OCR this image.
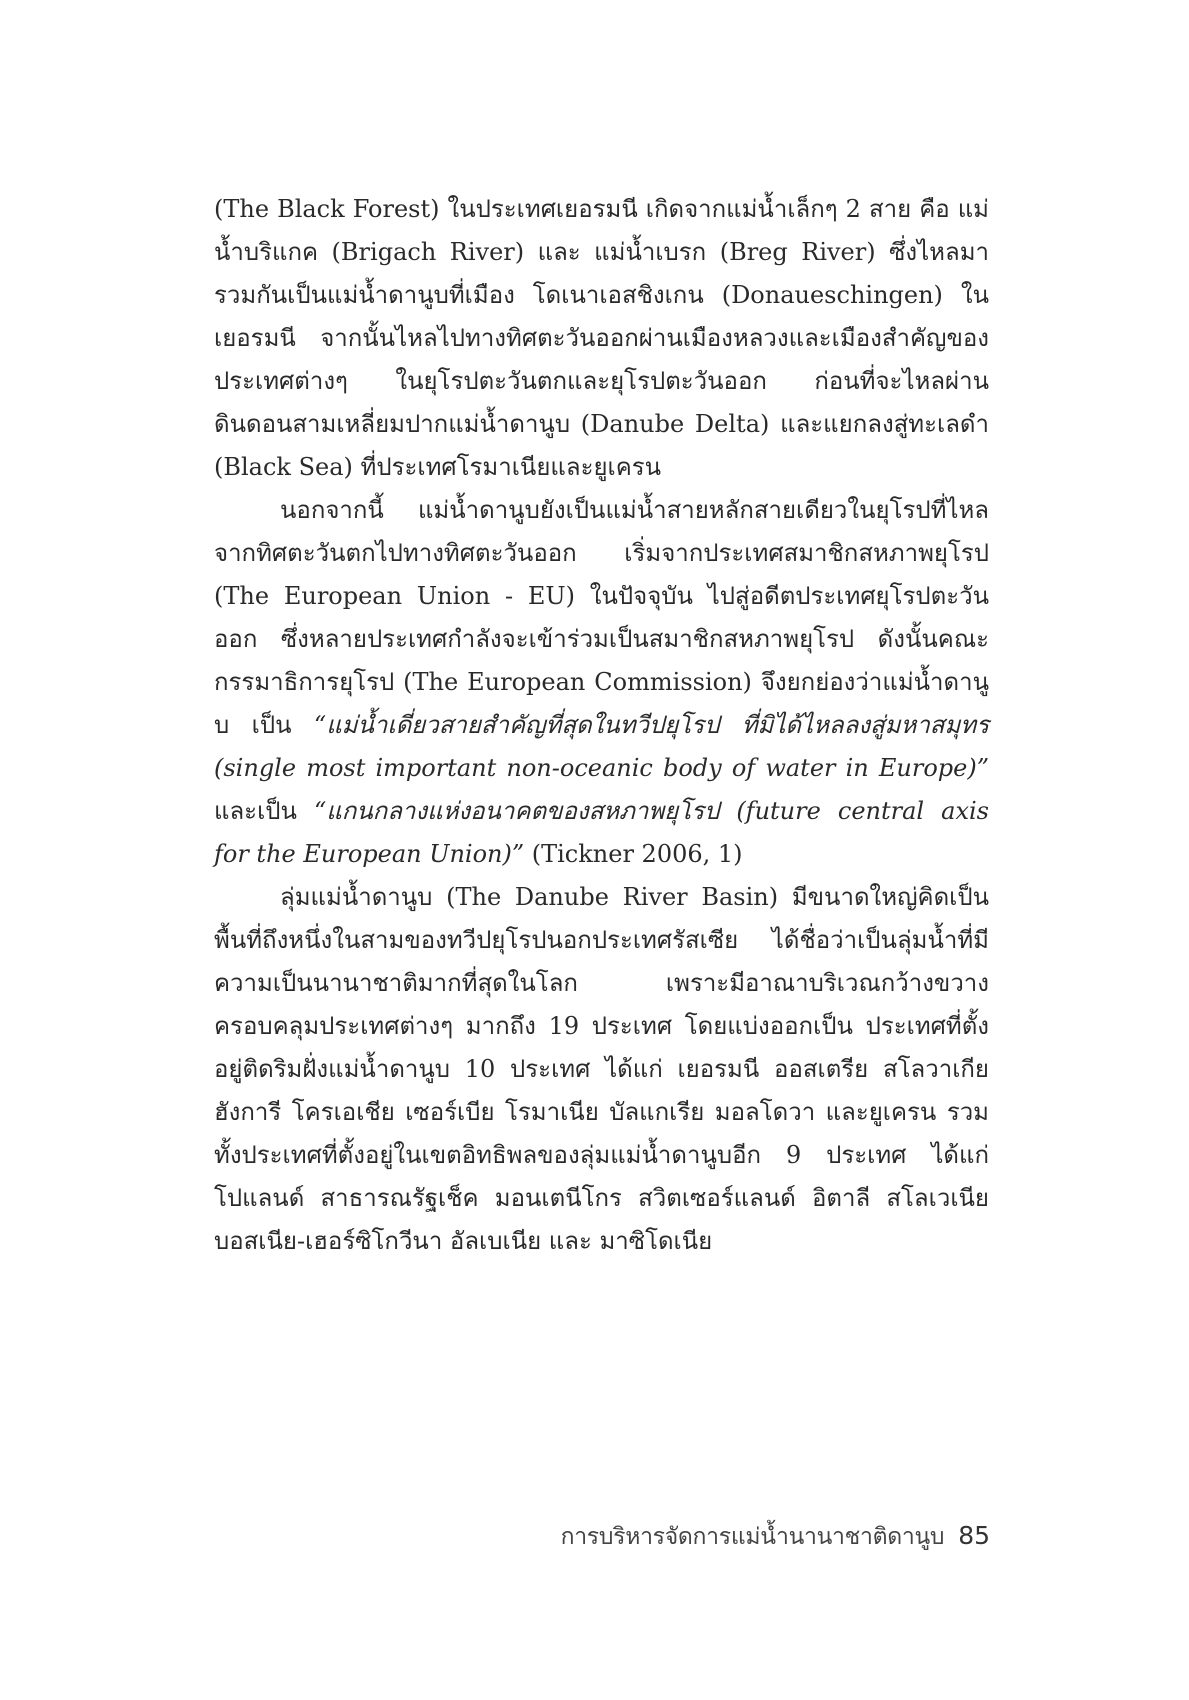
(The Black Forest) ในประเทศเยอรมนี เกิดจากแม่น้ำเล็กๆ 2 สาย คือ แม่น้ำบริแกค (Brigach River) และ แม่น้ำเบรก (Breg River) ซึ่งไหลมารวมกันเป็นแม่น้ำดานูบที่เมือง โดเนาเอสชิงเกน (Donaueschingen) ในเยอรมนี จากนั้นไหลไปทางทิศตะวันออกผ่านเมืองหลวงและเมืองสำคัญของประเทศต่างๆ ในยุโรปตะวันตกและยุโรปตะวันออก ก่อนที่จะไหลผ่านดินดอนสามเหลี่ยมปากแม่น้ำดานูบ (Danube Delta) และแยกลงสู่ทะเลดำ (Black Sea) ที่ประเทศโรมาเนียและยูเครน

นอกจากนี้ แม่น้ำดานูบยังเป็นแม่น้ำสายหลักสายเดียวในยุโรปที่ไหลจากทิศตะวันตกไปทางทิศตะวันออก เริ่มจากประเทศสมาชิกสหภาพยุโรป (The European Union - EU) ในปัจจุบัน ไปสู่อดีตประเทศยุโรปตะวันออก ซึ่งหลายประเทศกำลังจะเข้าร่วมเป็นสมาชิกสหภาพยุโรป ดังนั้นคณะกรรมาธิการยุโรป (The European Commission) จึงยกย่องว่าแม่น้ำดานูบ เป็น “แม่น้ำเดี่ยวสายสำคัญที่สุดในทวีปยุโรป ที่มิได้ไหลลงสู่มหาสมุทร (single most important non-oceanic body of water in Europe)” และเป็น “แกนกลางแห่งอนาคตของสหภาพยุโรป (future central axis for the European Union)” (Tickner 2006, 1)

ลุ่มแม่น้ำดานูบ (The Danube River Basin) มีขนาดใหญ่คิดเป็นพื้นที่ถึงหนึ่งในสามของทวีปยุโรปนอกประเทศรัสเซีย ได้ชื่อว่าเป็นลุ่มน้ำที่มีความเป็นนานาชาติมากที่สุดในโลก เพราะมีอาณาบริเวณกว้างขวางครอบคลุมประเทศต่างๆ มากถึง 19 ประเทศ โดยแบ่งออกเป็น ประเทศที่ตั้งอยู่ติดริมฝั่งแม่น้ำดานูบ 10 ประเทศ ได้แก่ เยอรมนี ออสเตรีย สโลวาเกีย ฮังการี โครเอเชีย เซอร์เบีย โรมาเนีย บัลแกเรีย มอลโดวา และยูเครน รวมทั้งประเทศที่ตั้งอยู่ในเขตอิทธิพลของลุ่มแม่น้ำดานูบอีก 9 ประเทศ ได้แก่ โปแลนด์ สาธารณรัฐเช็ค มอนเตนีโกร สวิตเซอร์แลนด์ อิตาลี สโลเวเนีย บอสเนีย-เฮอร์ซิโกวีนา อัลเบเนีย และ มาซิโดเนีย

การบริหารจัดการแม่น้ำนานาชาติดานูบ 85
